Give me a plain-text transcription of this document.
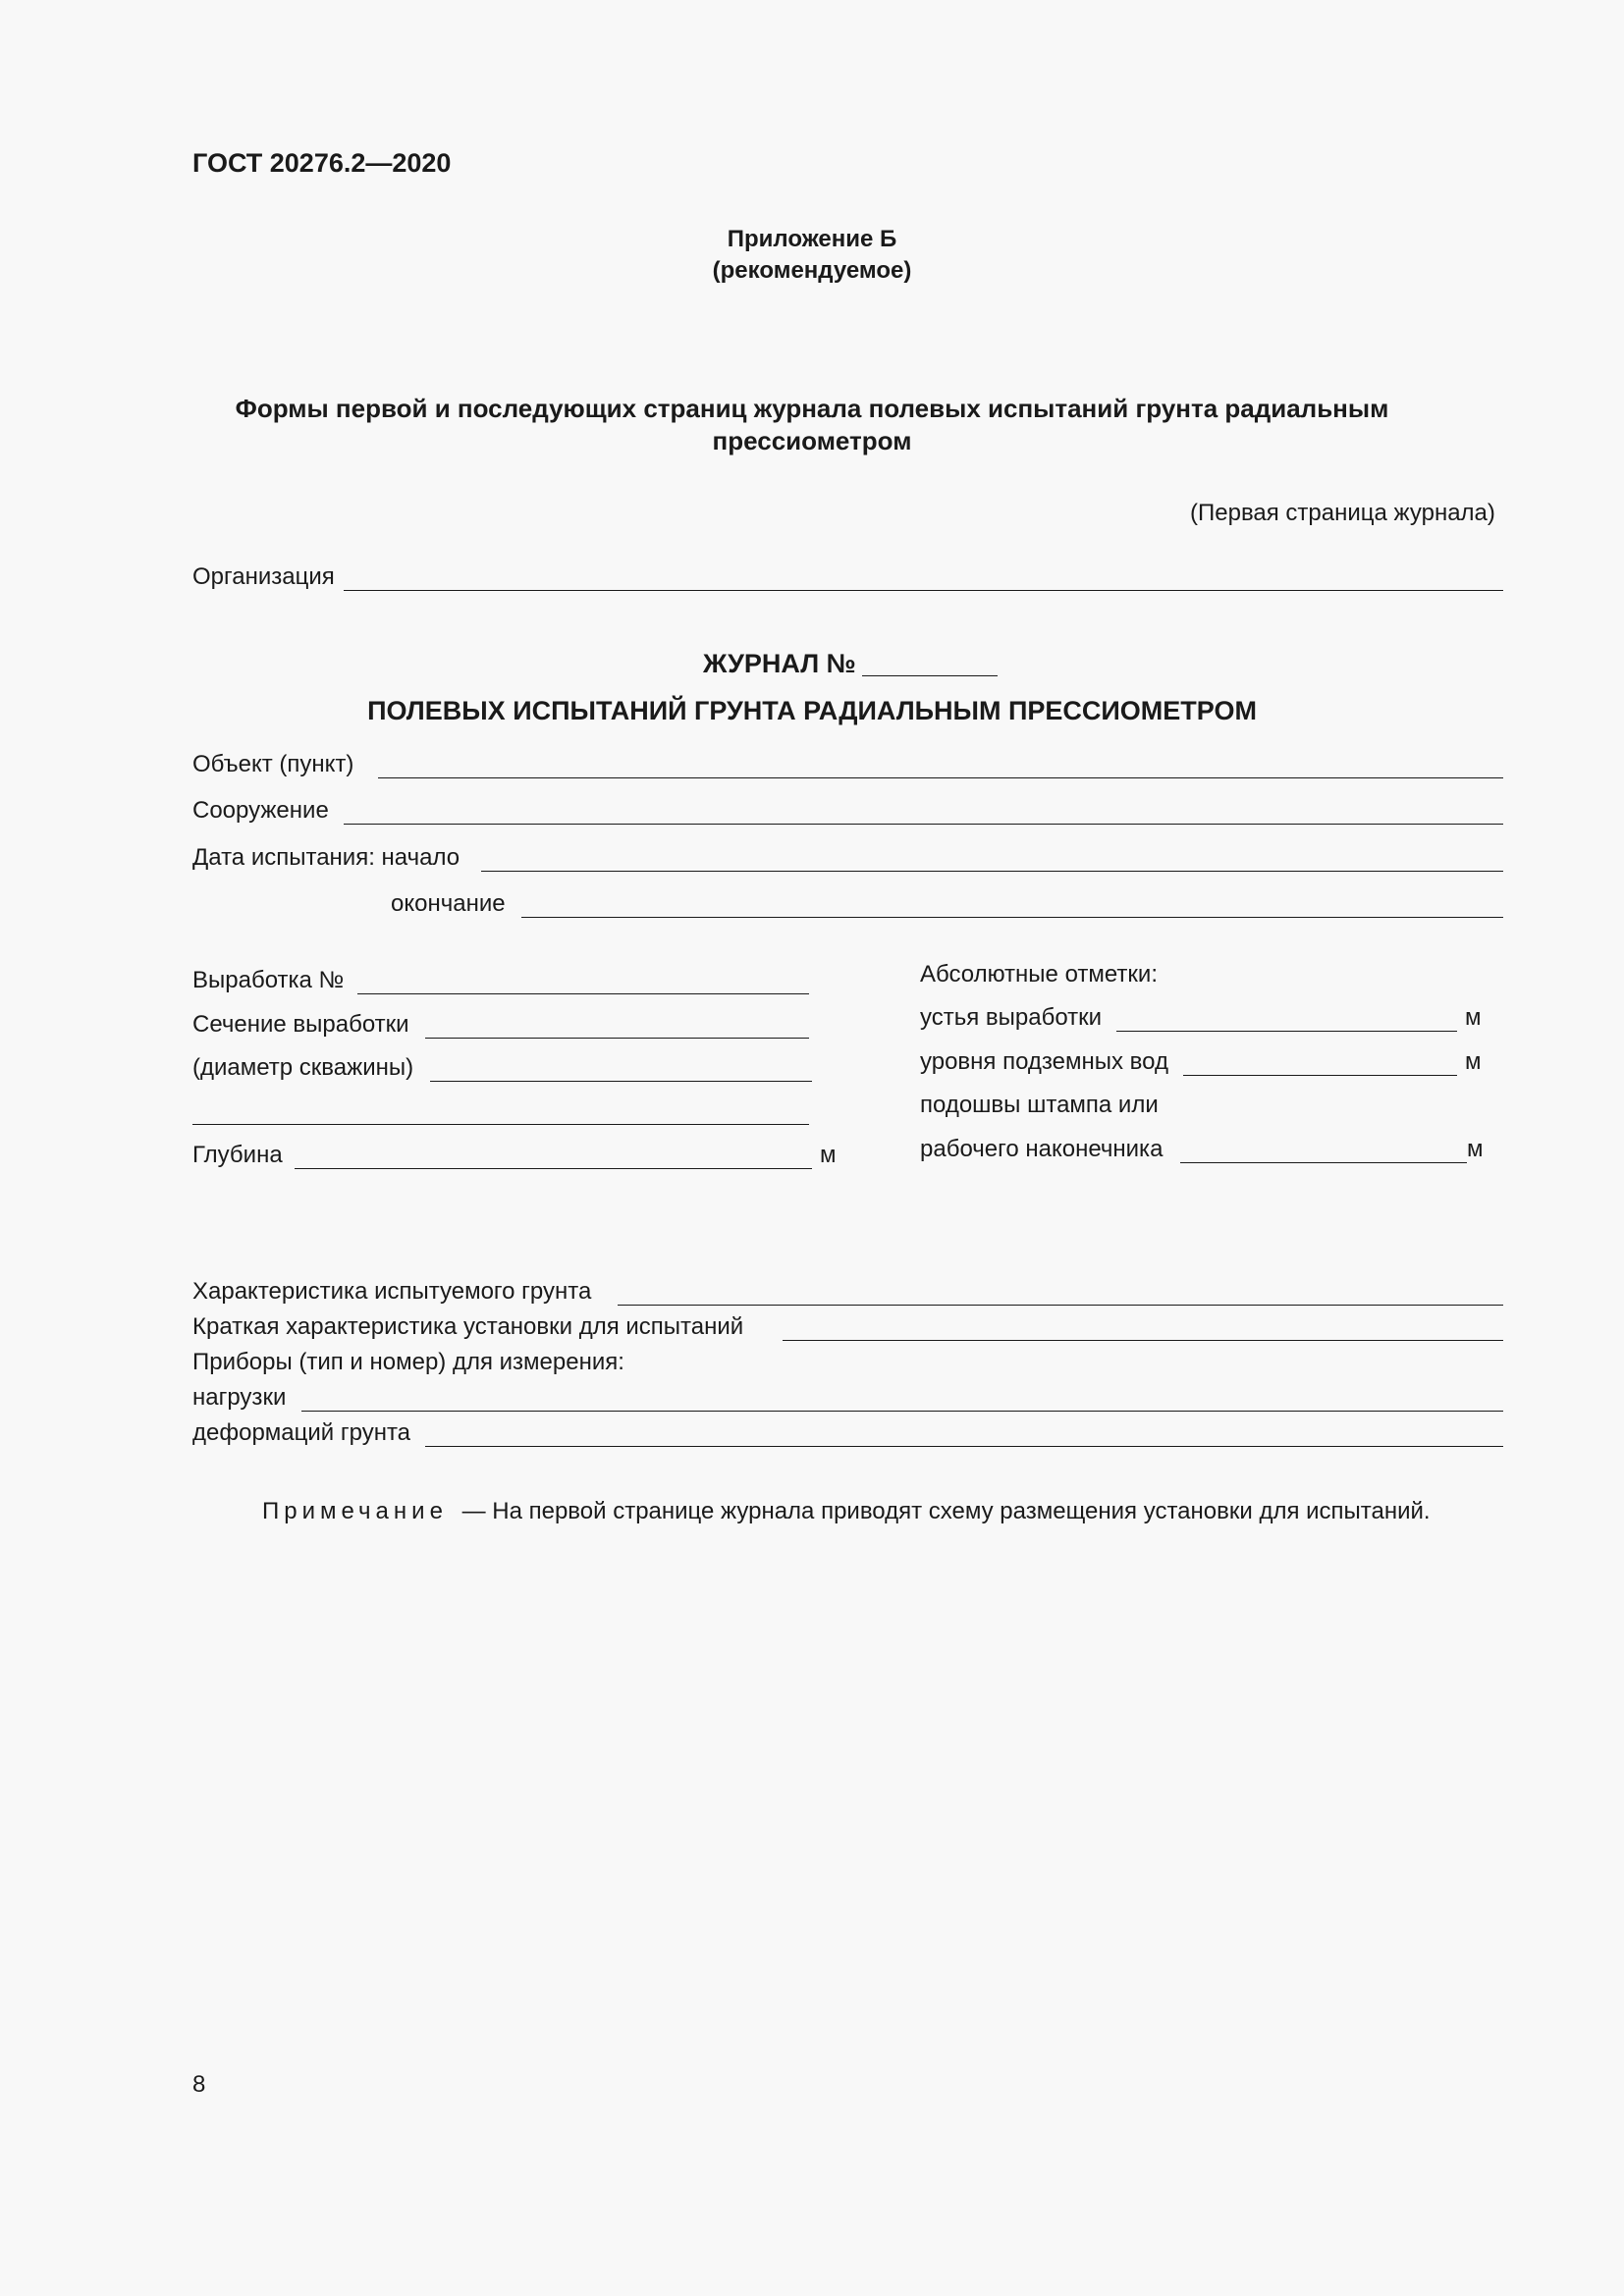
ГОСТ 20276.2—2020
Приложение Б
(рекомендуемое)
Формы первой и последующих страниц журнала полевых испытаний грунта радиальным
прессиометром
(Первая страница журнала)
Организация
ЖУРНАЛ №
ПОЛЕВЫХ ИСПЫТАНИЙ ГРУНТА РАДИАЛЬНЫМ ПРЕССИОМЕТРОМ
Объект (пункт)
Сооружение
Дата испытания: начало
окончание
Выработка №
Сечение выработки
(диаметр скважины)
Глубина	м
Абсолютные отметки:
устья выработки	м
уровня подземных вод	м
подошвы штампа или
рабочего наконечника	м
Характеристика испытуемого грунта
Краткая характеристика установки для испытаний
Приборы (тип и номер) для измерения:
нагрузки
деформаций грунта
Примечание — На первой странице журнала приводят схему размещения установки для испытаний.
8
